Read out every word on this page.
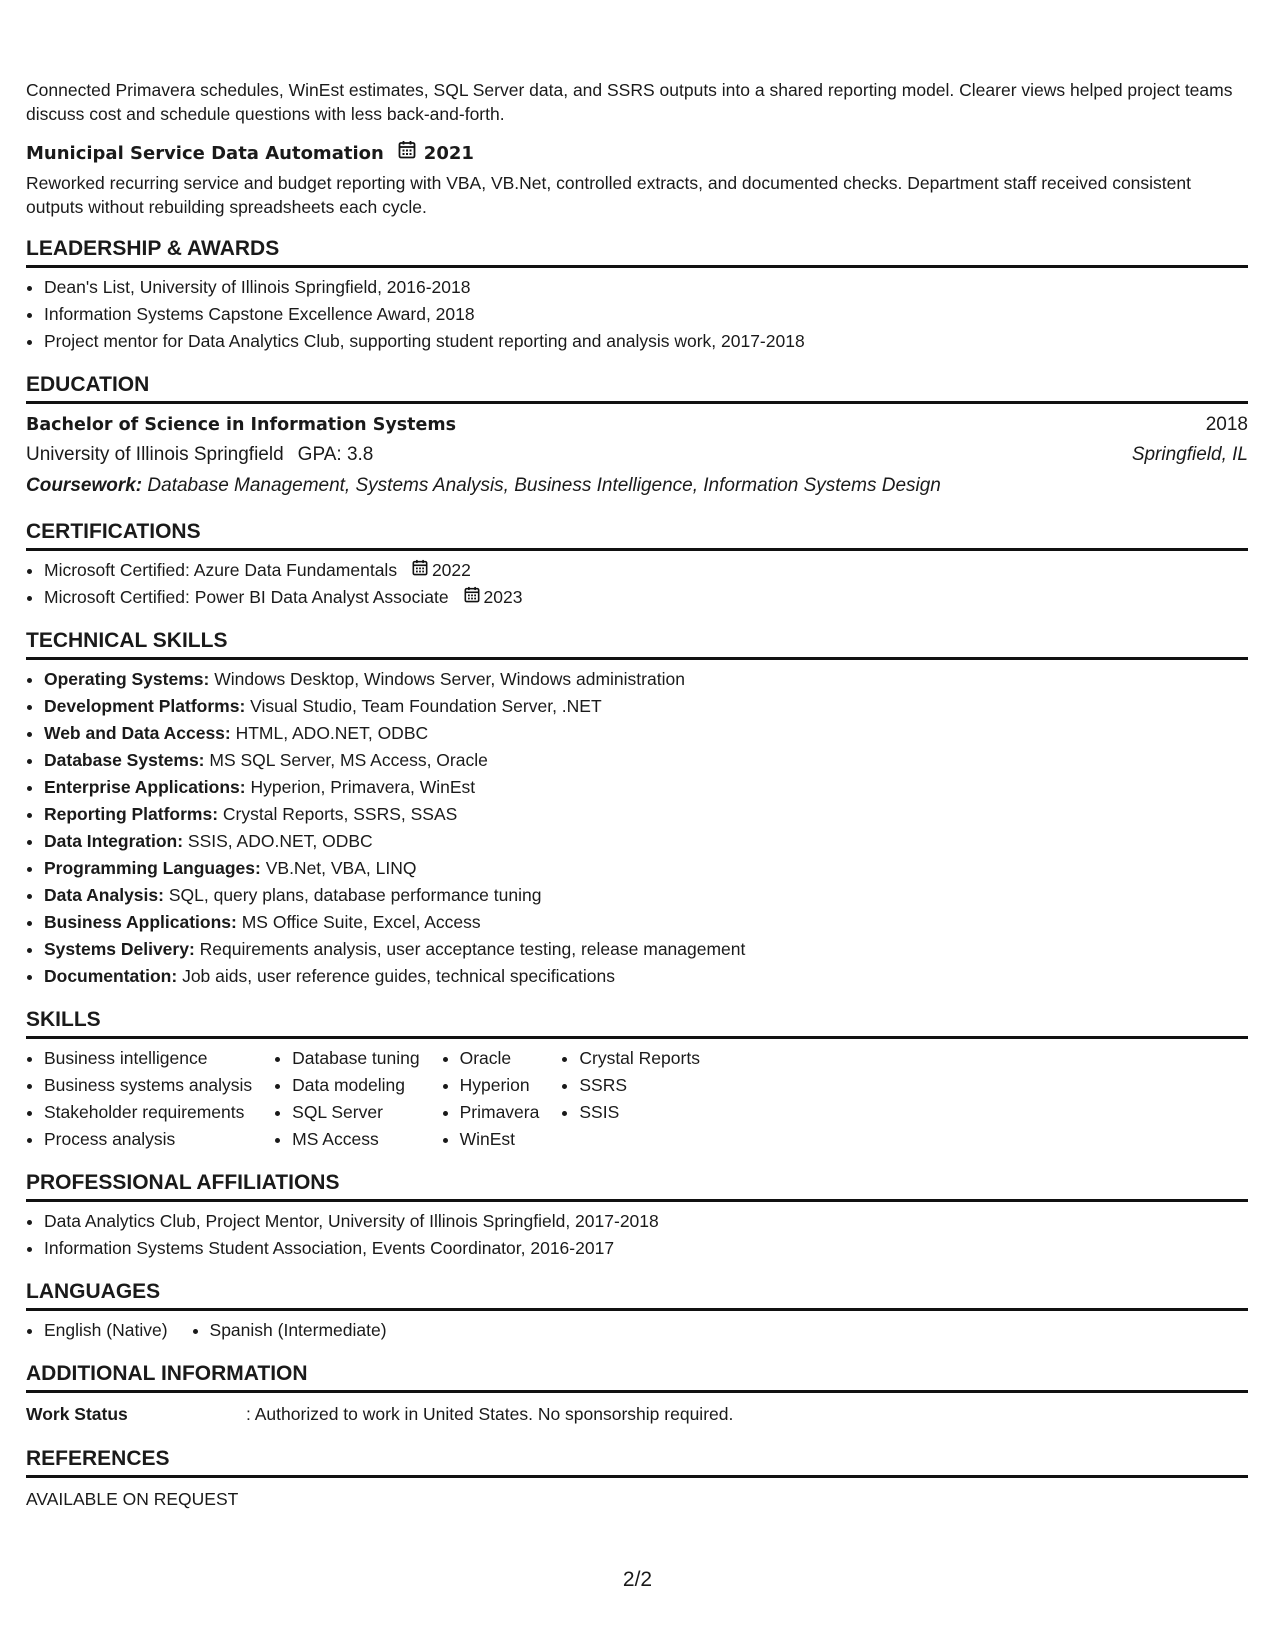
Connected Primavera schedules, WinEst estimates, SQL Server data, and SSRS outputs into a shared reporting model. Clearer views helped project teams discuss cost and schedule questions with less back-and-forth.

Municipal Service Data Automation 2021

Reworked recurring service and budget reporting with VBA, VB.Net, controlled extracts, and documented checks. Department staff received consistent outputs without rebuilding spreadsheets each cycle.

LEADERSHIP & AWARDS
• Dean's List, University of Illinois Springfield, 2016-2018
• Information Systems Capstone Excellence Award, 2018
• Project mentor for Data Analytics Club, supporting student reporting and analysis work, 2017-2018
EDUCATION
Bachelor of Science in Information Systems	2018
University of Illinois Springfield GPA: 3.8	Springfield, IL
Coursework: Database Management, Systems Analysis, Business Intelligence, Information Systems Design
CERTIFICATIONS
• Microsoft Certified: Azure Data Fundamentals 2022
• Microsoft Certified: Power BI Data Analyst Associate 2023
TECHNICAL SKILLS
• Operating Systems: Windows Desktop, Windows Server, Windows administration
• Development Platforms: Visual Studio, Team Foundation Server, .NET
• Web and Data Access: HTML, ADO.NET, ODBC
• Database Systems: MS SQL Server, MS Access, Oracle
• Enterprise Applications: Hyperion, Primavera, WinEst
• Reporting Platforms: Crystal Reports, SSRS, SSAS
• Data Integration: SSIS, ADO.NET, ODBC
• Programming Languages: VB.Net, VBA, LINQ
• Data Analysis: SQL, query plans, database performance tuning
• Business Applications: MS Office Suite, Excel, Access
• Systems Delivery: Requirements analysis, user acceptance testing, release management
• Documentation: Job aids, user reference guides, technical specifications
SKILLS
• Business intelligence
• Business systems analysis
• Stakeholder requirements
• Process analysis
• Database tuning
• Data modeling
• SQL Server
• MS Access
• Oracle
• Hyperion
• Primavera
• WinEst
• Crystal Reports
• SSRS
• SSIS
PROFESSIONAL AFFILIATIONS
• Data Analytics Club, Project Mentor, University of Illinois Springfield, 2017-2018
• Information Systems Student Association, Events Coordinator, 2016-2017
LANGUAGES
• English (Native)
• Spanish (Intermediate)
ADDITIONAL INFORMATION
Work Status	: Authorized to work in United States. No sponsorship required.
REFERENCES
AVAILABLE ON REQUEST
2/2
